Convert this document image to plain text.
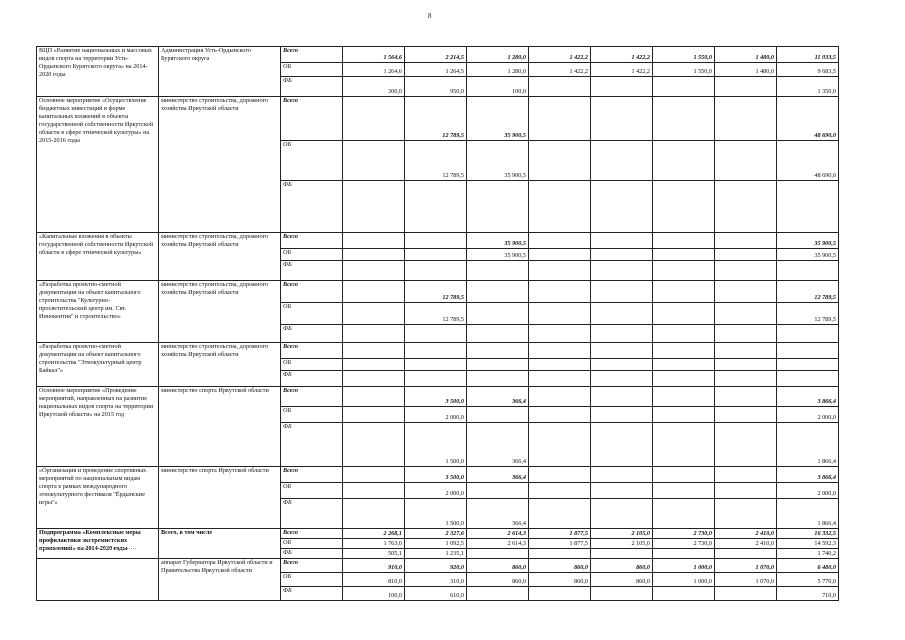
8
ВЦП «Развитие национальных и массовых видов спорта на территории Усть-Ордынского Бурятского округа» на 2014-2020 годы	Администрация Усть-Ордынского Бурятского округа	Всего	1 564,6	2 214,5	1 280,0	1 422,2	1 422,2	1 550,0	1 480,0	11 033,5
		ОБ	1 264,6	1 264,5	1 280,0	1 422,2	1 422,2	1 550,0	1 480,0	9 683,5
		ФБ	300,0	950,0	100,0					1 350,0
Основное мероприятие «Осуществление бюджетных инвестиций в форме капитальных вложений в объекты государственной собственности Иркутской области в сфере этнической культуры» на 2015-2016 годы	министерство строительства, дорожного хозяйства Иркутской области	Всего		12 789,5	35 900,5					48 690,0
		ОБ		12 789,5	35 900,5					48 690,0
		ФБ								
«Капитальные вложения в объекты государственной собственности Иркутской области в сфере этнической культуры»	министерство строительства, дорожного хозяйства Иркутской области	Всего			35 900,5					35 900,5
		ОБ			35 900,5					35 900,5
		ФБ								
«Разработка проектно-сметной документации на объект капитального строительства "Культурно-просветительский центр им. Свт. Иннокентия" и строительство»	министерство строительства, дорожного хозяйства Иркутской области	Всего		12 789,5						12 789,5
		ОБ		12 789,5						12 789,5
		ФБ								
«Разработка проектно-сметной документации на объект капитального строительства "Этнокультурный центр Байкал"»	министерство строительства, дорожного хозяйства Иркутской области	Всего								
		ОБ								
		ФБ								
Основное мероприятие «Проведение мероприятий, направленных на развитие национальных видов спорта на территории Иркутской области» на 2015 год	министерство спорта Иркутской области	Всего		3 500,0	366,4					3 866,4
		ОБ		2 000,0						2 000,0
		ФБ		1 500,0	366,4					1 866,4
«Организация и проведение спортивных мероприятий по национальным видам спорта в рамках международного этнокультурного фестиваля "Ёрдынские игры"»	министерство спорта Иркутской области	Всего		3 500,0	366,4					3 866,4
		ОБ		2 000,0						2 000,0
		ФБ		1 500,0	366,4					1 866,4
Подпрограмма «Комплексные меры профилактики экстремистских проявлений» на 2014-2020 годы	Всего, в том числе	Всего	2 268,1	2 327,6	2 614,3	1 877,5	2 105,0	2 730,0	2 410,0	16 332,5
		ОБ	1 763,0	1 092,5	2 614,3	1 877,5	2 105,0	2 730,0	2 410,0	14 592,3
		ФБ	505,1	1 235,1						1 740,2
	аппарат Губернатора Иркутской области и Правительства Иркутской области	Всего	910,0	920,0	860,0	860,0	860,0	1 000,0	1 070,0	6 480,0
		ОБ	810,0	310,0	860,0	860,0	860,0	1 000,0	1 070,0	5 770,0
		ФБ	100,0	610,0						710,0
